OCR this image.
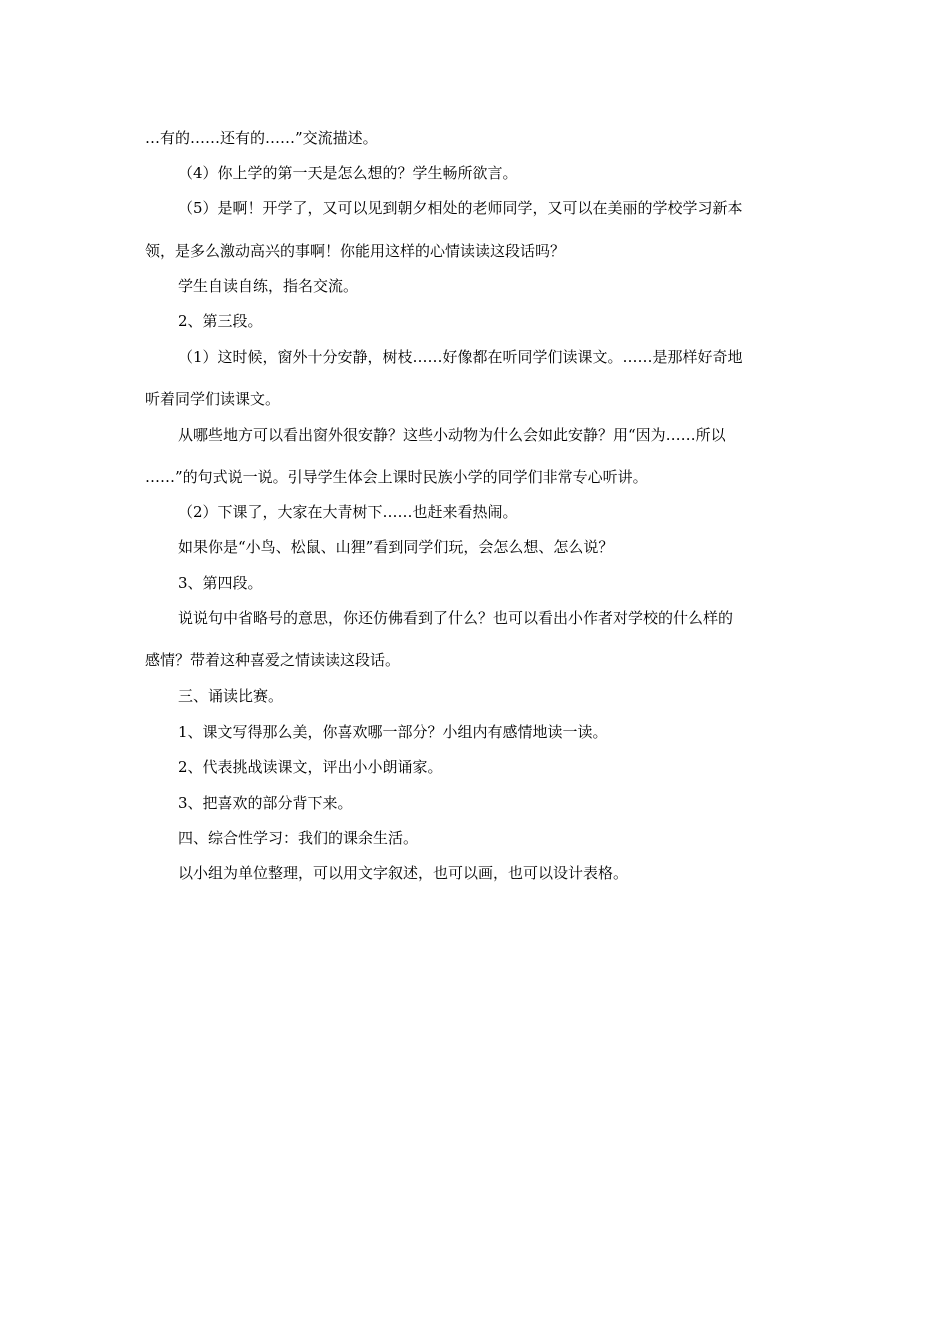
…有的……还有的……”交流描述。
（4）你上学的第一天是怎么想的？学生畅所欲言。
（5）是啊！开学了，又可以见到朝夕相处的老师同学，又可以在美丽的学校学习新本
领，是多么激动高兴的事啊！你能用这样的心情读读这段话吗？
学生自读自练，指名交流。
2、第三段。
（1）这时候，窗外十分安静，树枝……好像都在听同学们读课文。……是那样好奇地
听着同学们读课文。
从哪些地方可以看出窗外很安静？这些小动物为什么会如此安静？用“因为……所以
……”的句式说一说。引导学生体会上课时民族小学的同学们非常专心听讲。
（2）下课了，大家在大青树下……也赶来看热闹。
如果你是“小鸟、松鼠、山狸”看到同学们玩，会怎么想、怎么说？
3、第四段。
说说句中省略号的意思，你还仿佛看到了什么？也可以看出小作者对学校的什么样的
感情？带着这种喜爱之情读读这段话。
三、诵读比赛。
1、课文写得那么美，你喜欢哪一部分？小组内有感情地读一读。
2、代表挑战读课文，评出小小朗诵家。
3、把喜欢的部分背下来。
四、综合性学习：我们的课余生活。
以小组为单位整理，可以用文字叙述，也可以画，也可以设计表格。
